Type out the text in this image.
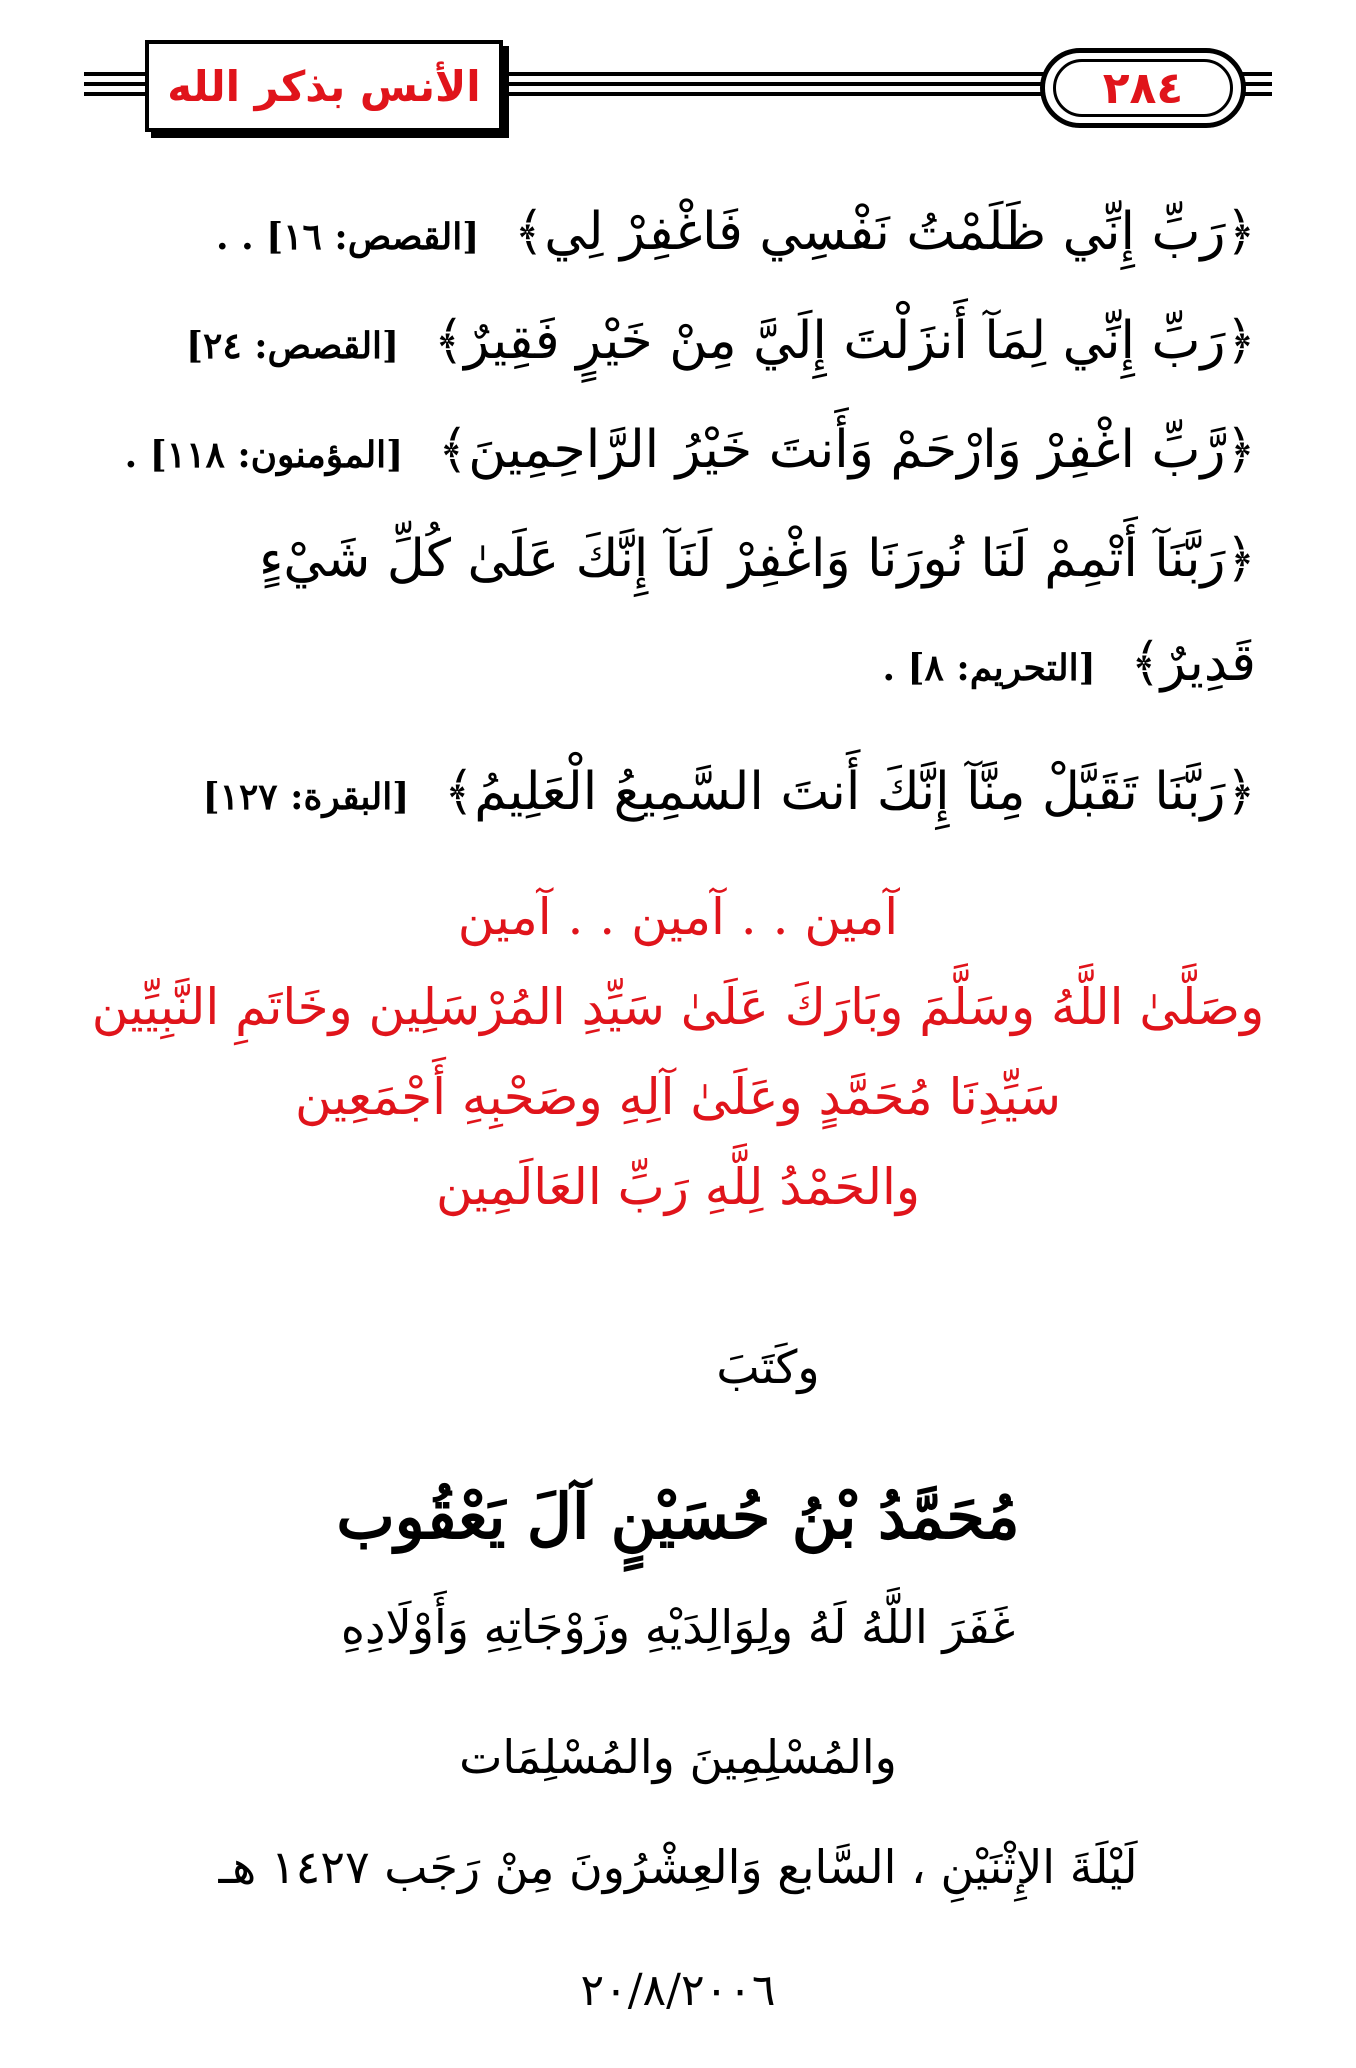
الأنس بذكر الله	٢٨٤
﴿رَبِّ إِنِّي ظَلَمْتُ نَفْسِي فَاغْفِرْ لِي﴾ [القصص: ١٦] . .
﴿رَبِّ إِنِّي لِمَآ أَنزَلْتَ إِلَيَّ مِنْ خَيْرٍ فَقِيرٌ﴾ [القصص: ٢٤]
﴿رَّبِّ اغْفِرْ وَارْحَمْ وَأَنتَ خَيْرُ الرَّاحِمِينَ﴾ [المؤمنون: ١١٨] .
﴿رَبَّنَآ أَتْمِمْ لَنَا نُورَنَا وَاغْفِرْ لَنَآ إِنَّكَ عَلَىٰ كُلِّ شَيْءٍ
قَدِيرٌ﴾ [التحريم: ٨] .
﴿رَبَّنَا تَقَبَّلْ مِنَّآ إِنَّكَ أَنتَ السَّمِيعُ الْعَلِيمُ﴾ [البقرة: ١٢٧]
آمين . . آمين . . آمين
وصَلَّىٰ اللَّهُ وسَلَّمَ وبَارَكَ عَلَىٰ سَيِّدِ المُرْسَلِين وخَاتَمِ النَّبِيِّين
سَيِّدِنَا مُحَمَّدٍ وعَلَىٰ آلِهِ وصَحْبِهِ أَجْمَعِين
والحَمْدُ لِلَّهِ رَبِّ العَالَمِين
وكَتَبَ
مُحَمَّدُ بْنُ حُسَيْنٍ آلَ يَعْقُوب
غَفَرَ اللَّهُ لَهُ ولِوَالِدَيْهِ وزَوْجَاتِهِ وَأَوْلَادِهِ
والمُسْلِمِينَ والمُسْلِمَات
لَيْلَةَ الإِثْنَيْنِ ، السَّابع وَالعِشْرُونَ مِنْ رَجَب ١٤٢٧ هـ
٢٠/٨/٢٠٠٦
